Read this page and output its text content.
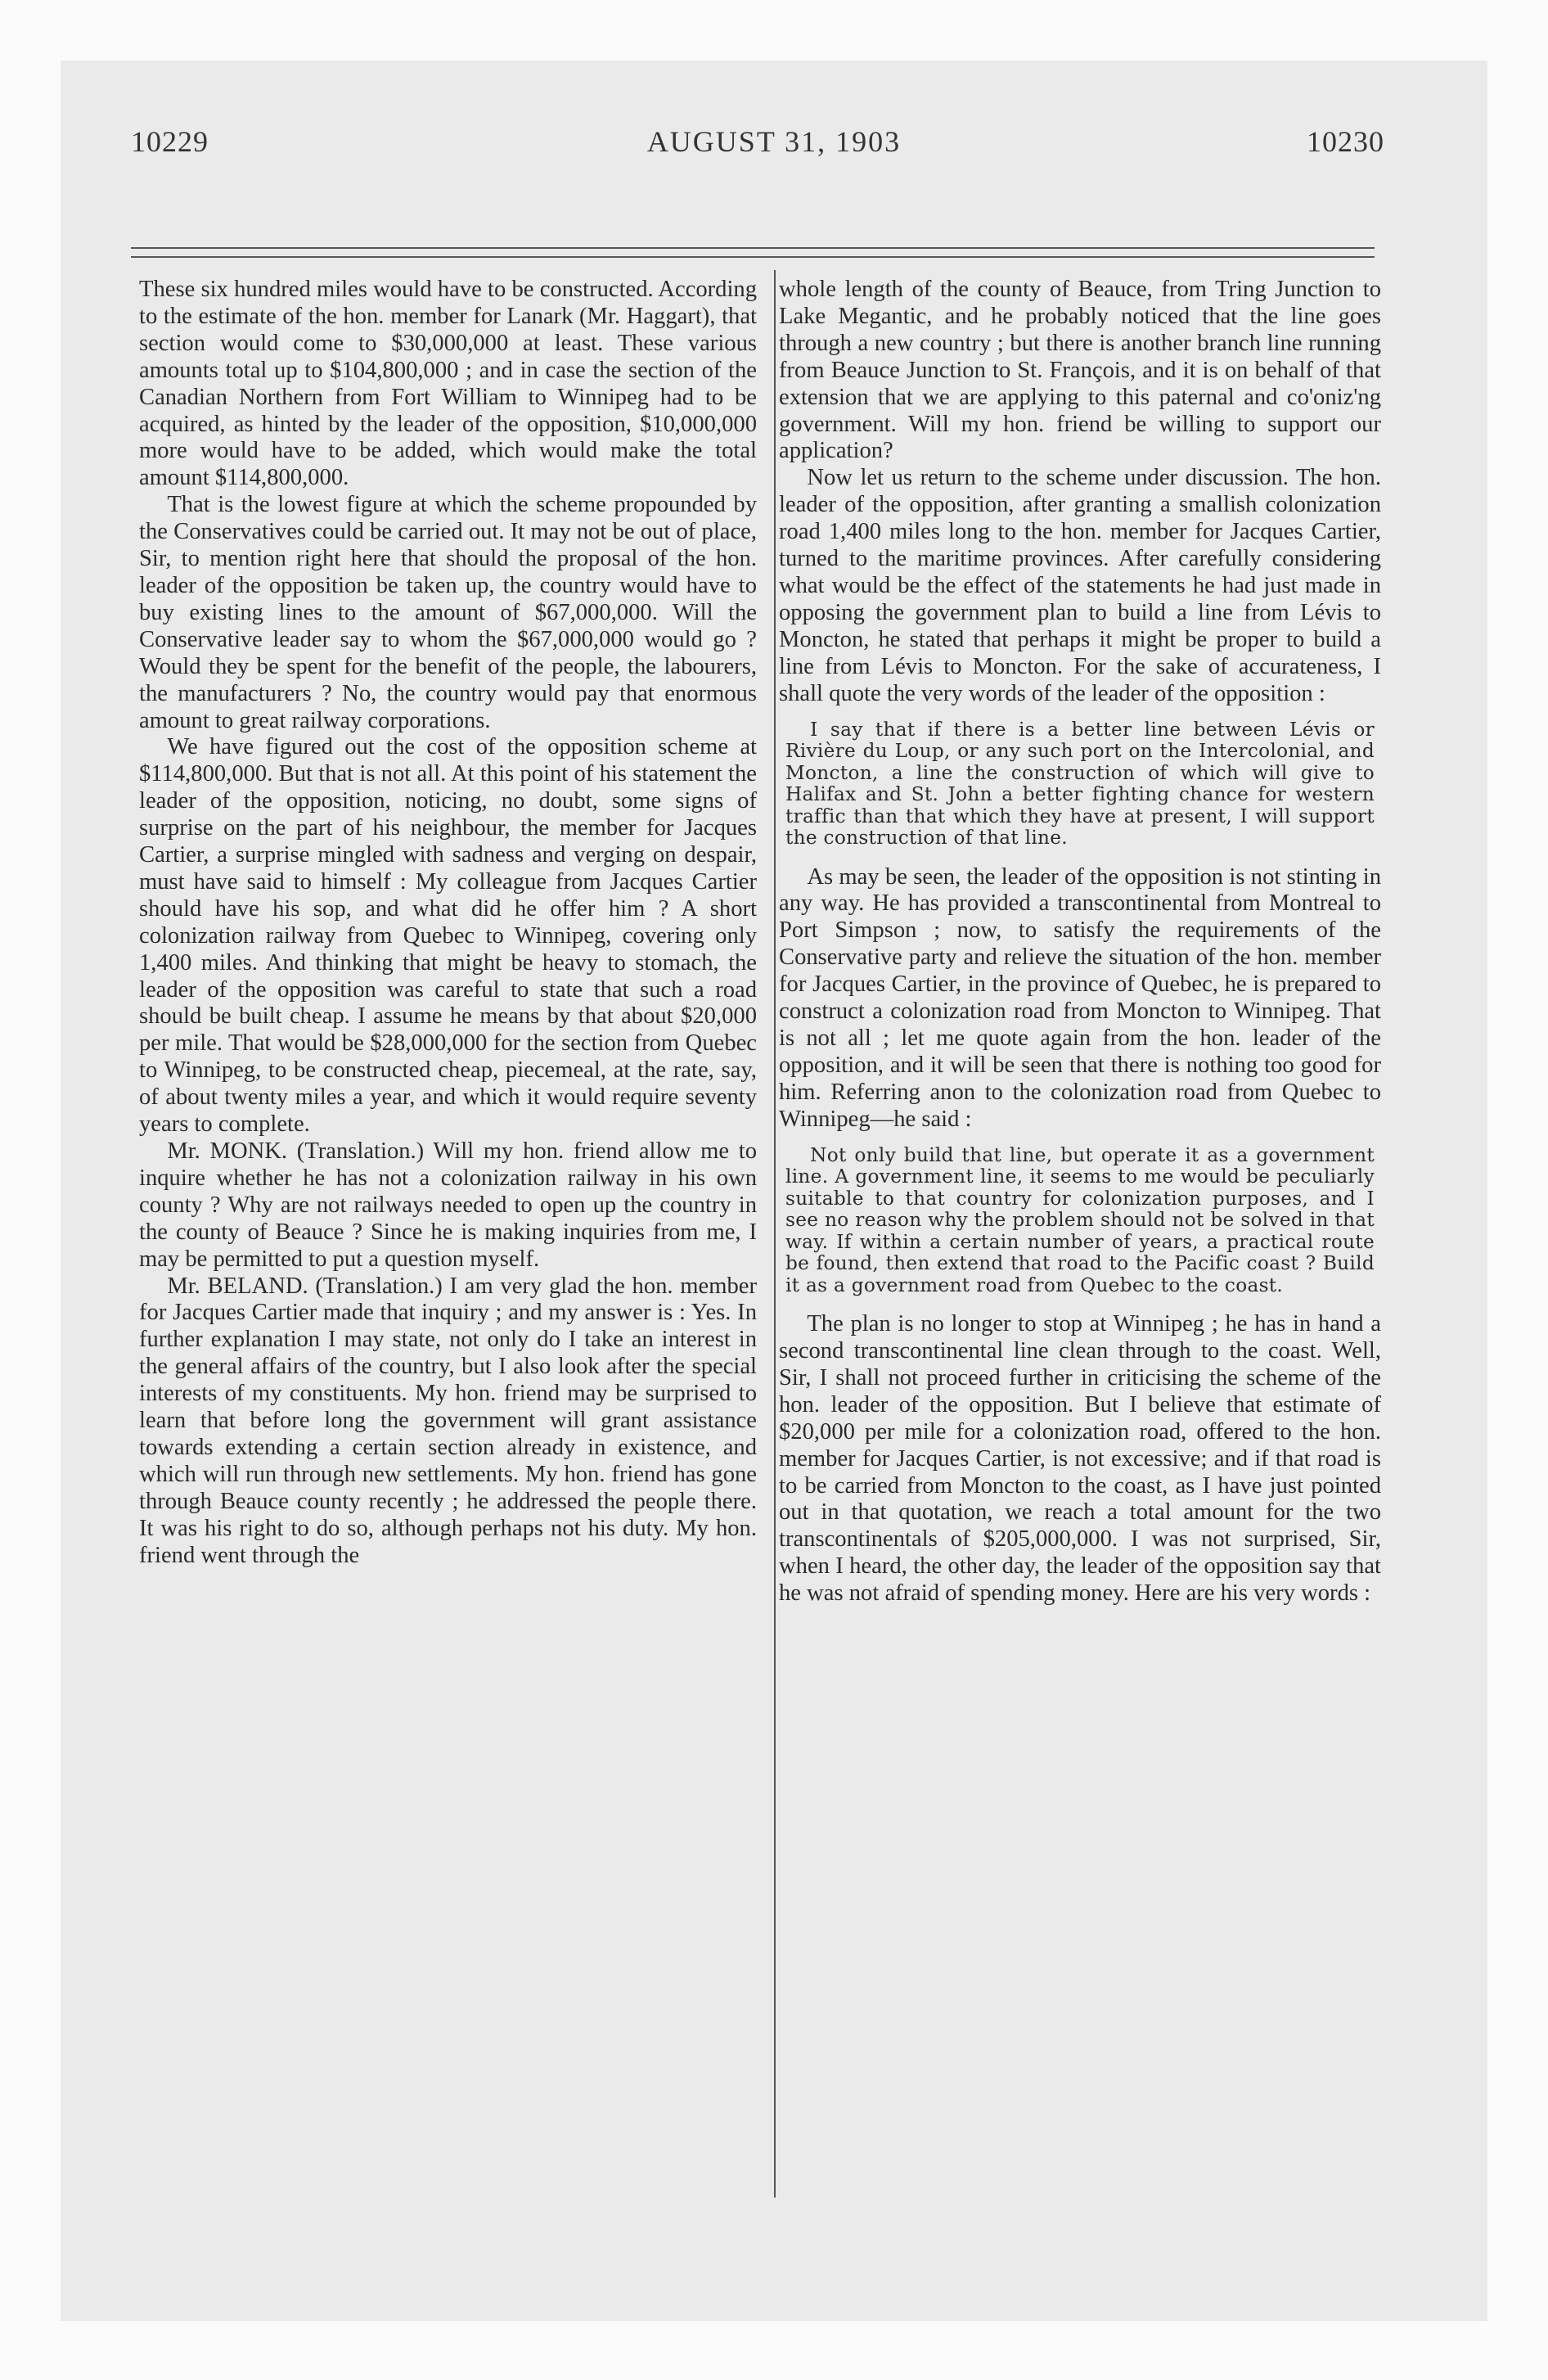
10229	AUGUST 31, 1903	10230

These six hundred miles would have to be constructed. According to the estimate of the hon. member for Lanark (Mr. Haggart), that section would come to $30,000,000 at least. These various amounts total up to $104,800,000 ; and in case the section of the Canadian Northern from Fort William to Winnipeg had to be acquired, as hinted by the leader of the opposition, $10,000,000 more would have to be added, which would make the total amount $114,800,000.

That is the lowest figure at which the scheme propounded by the Conservatives could be carried out. It may not be out of place, Sir, to mention right here that should the proposal of the hon. leader of the opposition be taken up, the country would have to buy existing lines to the amount of $67,000,000. Will the Conservative leader say to whom the $67,000,000 would go ? Would they be spent for the benefit of the people, the labourers, the manufacturers ? No, the country would pay that enormous amount to great railway corporations.

We have figured out the cost of the opposition scheme at $114,800,000. But that is not all. At this point of his statement the leader of the opposition, noticing, no doubt, some signs of surprise on the part of his neighbour, the member for Jacques Cartier, a surprise mingled with sadness and verging on despair, must have said to himself : My colleague from Jacques Cartier should have his sop, and what did he offer him ? A short colonization railway from Quebec to Winnipeg, covering only 1,400 miles. And thinking that might be heavy to stomach, the leader of the opposition was careful to state that such a road should be built cheap. I assume he means by that about $20,000 per mile. That would be $28,000,000 for the section from Quebec to Winnipeg, to be constructed cheap, piecemeal, at the rate, say, of about twenty miles a year, and which it would require seventy years to complete.

Mr. MONK. (Translation.) Will my hon. friend allow me to inquire whether he has not a colonization railway in his own county ? Why are not railways needed to open up the country in the county of Beauce ? Since he is making inquiries from me, I may be permitted to put a question myself.

Mr. BELAND. (Translation.) I am very glad the hon. member for Jacques Cartier made that inquiry ; and my answer is : Yes. In further explanation I may state, not only do I take an interest in the general affairs of the country, but I also look after the special interests of my constituents. My hon. friend may be surprised to learn that before long the government will grant assistance towards extending a certain section already in existence, and which will run through new settlements. My hon. friend has gone through Beauce county recently ; he addressed the people there. It was his right to do so, although perhaps not his duty. My hon. friend went through the

whole length of the county of Beauce, from Tring Junction to Lake Megantic, and he probably noticed that the line goes through a new country ; but there is another branch line running from Beauce Junction to St. François, and it is on behalf of that extension that we are applying to this paternal and co'oniz'ng government. Will my hon. friend be willing to support our application?

Now let us return to the scheme under discussion. The hon. leader of the opposition, after granting a smallish colonization road 1,400 miles long to the hon. member for Jacques Cartier, turned to the maritime provinces. After carefully considering what would be the effect of the statements he had just made in opposing the government plan to build a line from Lévis to Moncton, he stated that perhaps it might be proper to build a line from Lévis to Moncton. For the sake of accurateness, I shall quote the very words of the leader of the opposition :

I say that if there is a better line between Lévis or Rivière du Loup, or any such port on the Intercolonial, and Moncton, a line the construction of which will give to Halifax and St. John a better fighting chance for western traffic than that which they have at present, I will support the construction of that line.

As may be seen, the leader of the opposition is not stinting in any way. He has provided a transcontinental from Montreal to Port Simpson ; now, to satisfy the requirements of the Conservative party and relieve the situation of the hon. member for Jacques Cartier, in the province of Quebec, he is prepared to construct a colonization road from Moncton to Winnipeg. That is not all ; let me quote again from the hon. leader of the opposition, and it will be seen that there is nothing too good for him. Referring anon to the colonization road from Quebec to Winnipeg—he said :

Not only build that line, but operate it as a government line. A government line, it seems to me would be peculiarly suitable to that country for colonization purposes, and I see no reason why the problem should not be solved in that way. If within a certain number of years, a practical route be found, then extend that road to the Pacific coast ? Build it as a government road from Quebec to the coast.

The plan is no longer to stop at Winnipeg ; he has in hand a second transcontinental line clean through to the coast. Well, Sir, I shall not proceed further in criticising the scheme of the hon. leader of the opposition. But I believe that estimate of $20,000 per mile for a colonization road, offered to the hon. member for Jacques Cartier, is not excessive; and if that road is to be carried from Moncton to the coast, as I have just pointed out in that quotation, we reach a total amount for the two transcontinentals of $205,000,000. I was not surprised, Sir, when I heard, the other day, the leader of the opposition say that he was not afraid of spending money. Here are his very words :
